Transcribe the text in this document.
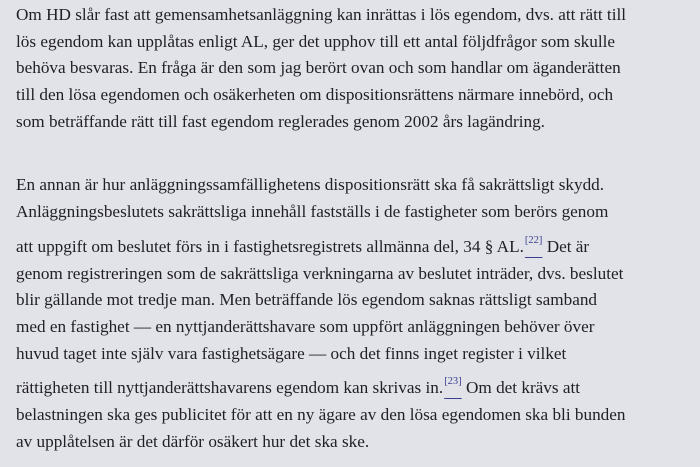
Om HD slår fast att gemensamhetsanläggning kan inrättas i lös egendom, dvs. att rätt till
lös egendom kan upplåtas enligt AL, ger det upphov till ett antal följdfrågor som skulle
behöva besvaras. En fråga är den som jag berört ovan och som handlar om äganderätten
till den lösa egendomen och osäkerheten om dispositionsrättens närmare innebörd, och
som beträffande rätt till fast egendom reglerades genom 2002 års lagändring.

En annan är hur anläggningssamfällighetens dispositionsrätt ska få sakrättsligt skydd.
Anläggningsbeslutets sakrättsliga innehåll fastställs i de fastigheter som berörs genom
att uppgift om beslutet förs in i fastighetsregistrets allmänna del, 34 § AL.[22] Det är
genom registreringen som de sakrättsliga verkningarna av beslutet inträder, dvs. beslutet
blir gällande mot tredje man. Men beträffande lös egendom saknas rättsligt samband
med en fastighet — en nyttjanderättshavare som uppfört anläggningen behöver över
huvud taget inte själv vara fastighetsägare — och det finns inget register i vilket
rättigheten till nyttjanderättshavarens egendom kan skrivas in.[23] Om det krävs att
belastningen ska ges publicitet för att en ny ägare av den lösa egendomen ska bli bunden
av upplåtelsen är det därför osäkert hur det ska ske.
